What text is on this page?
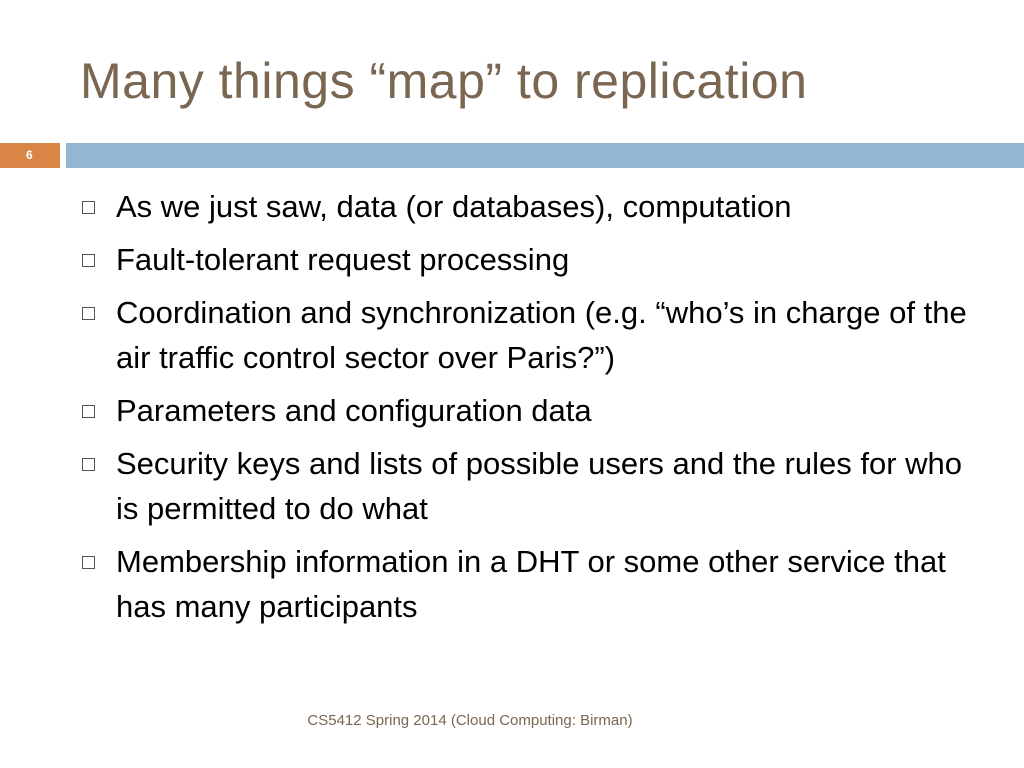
Many things “map” to replication
6
As we just saw, data (or databases), computation
Fault-tolerant request processing
Coordination and synchronization (e.g. “who’s in charge of the air traffic control sector over Paris?”)
Parameters and configuration data
Security keys and lists of possible users and the rules for who is permitted to do what
Membership information in a DHT or some other service that has many participants
CS5412 Spring 2014 (Cloud Computing: Birman)
